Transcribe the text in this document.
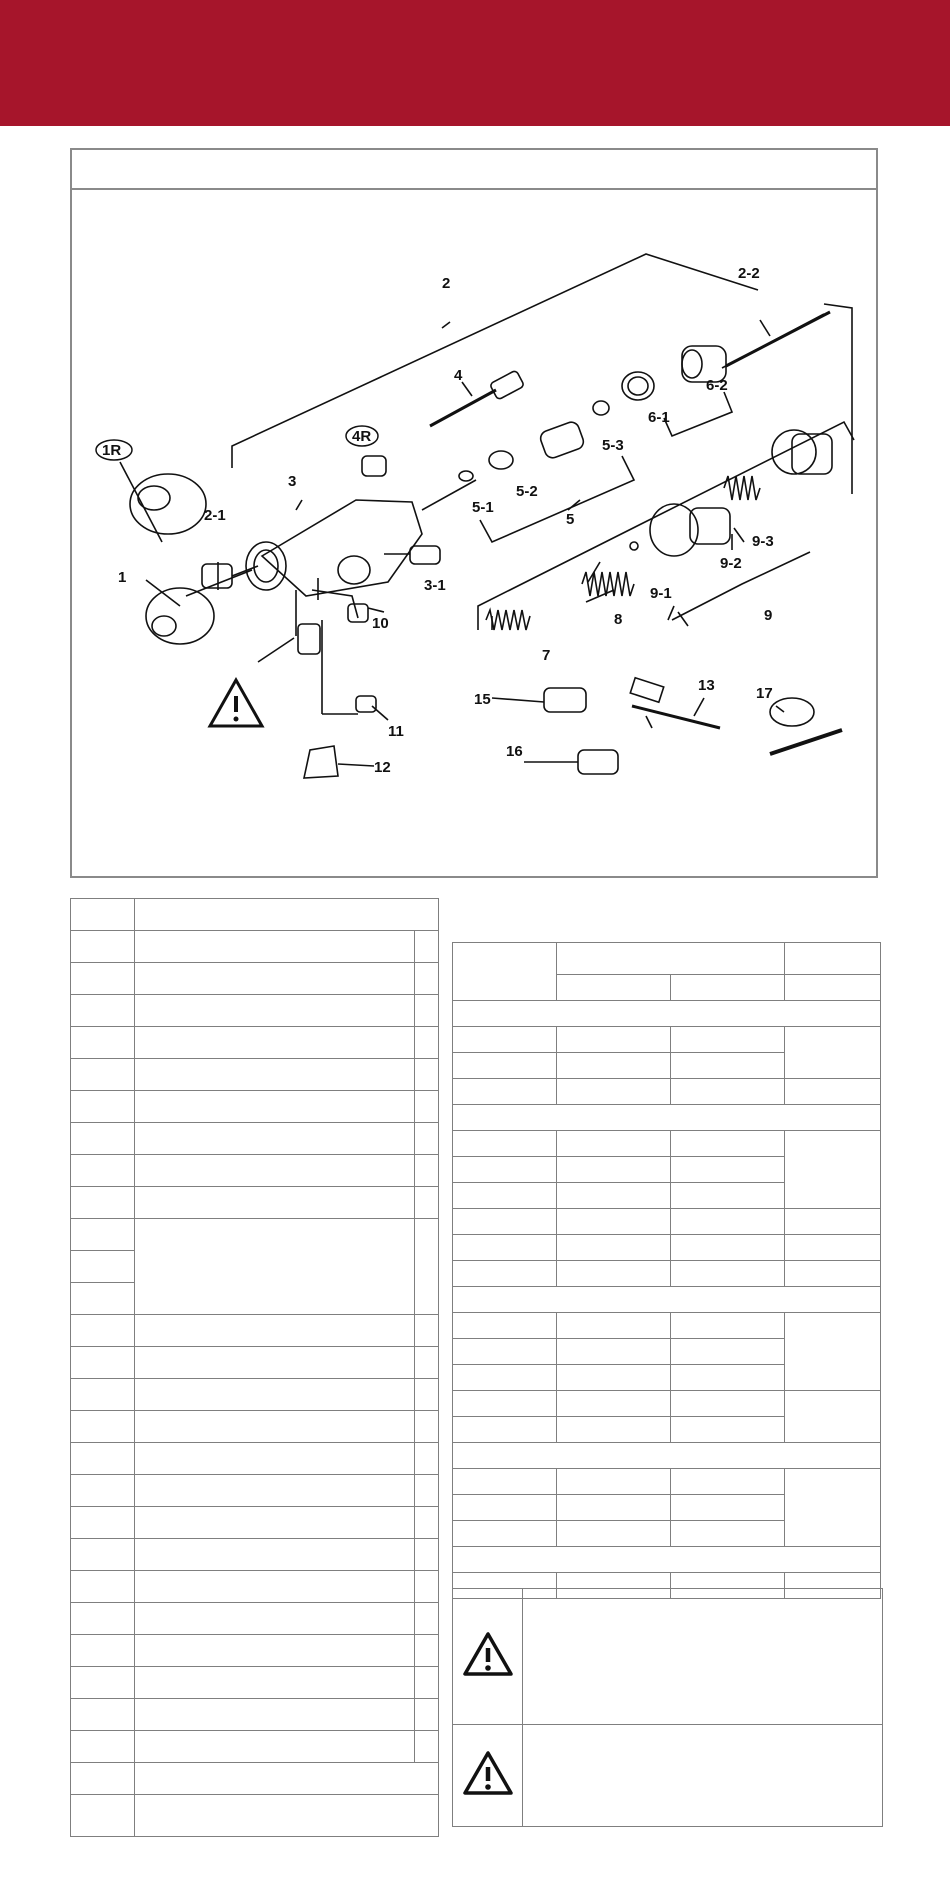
1R
1
2
2-1
2-2
3
3-1
4
4R
5
5-1
5-2
5-3
6-1
6-2
7
8	9
9-1
9-2
9-3
10
11
12
13
15
16
17
